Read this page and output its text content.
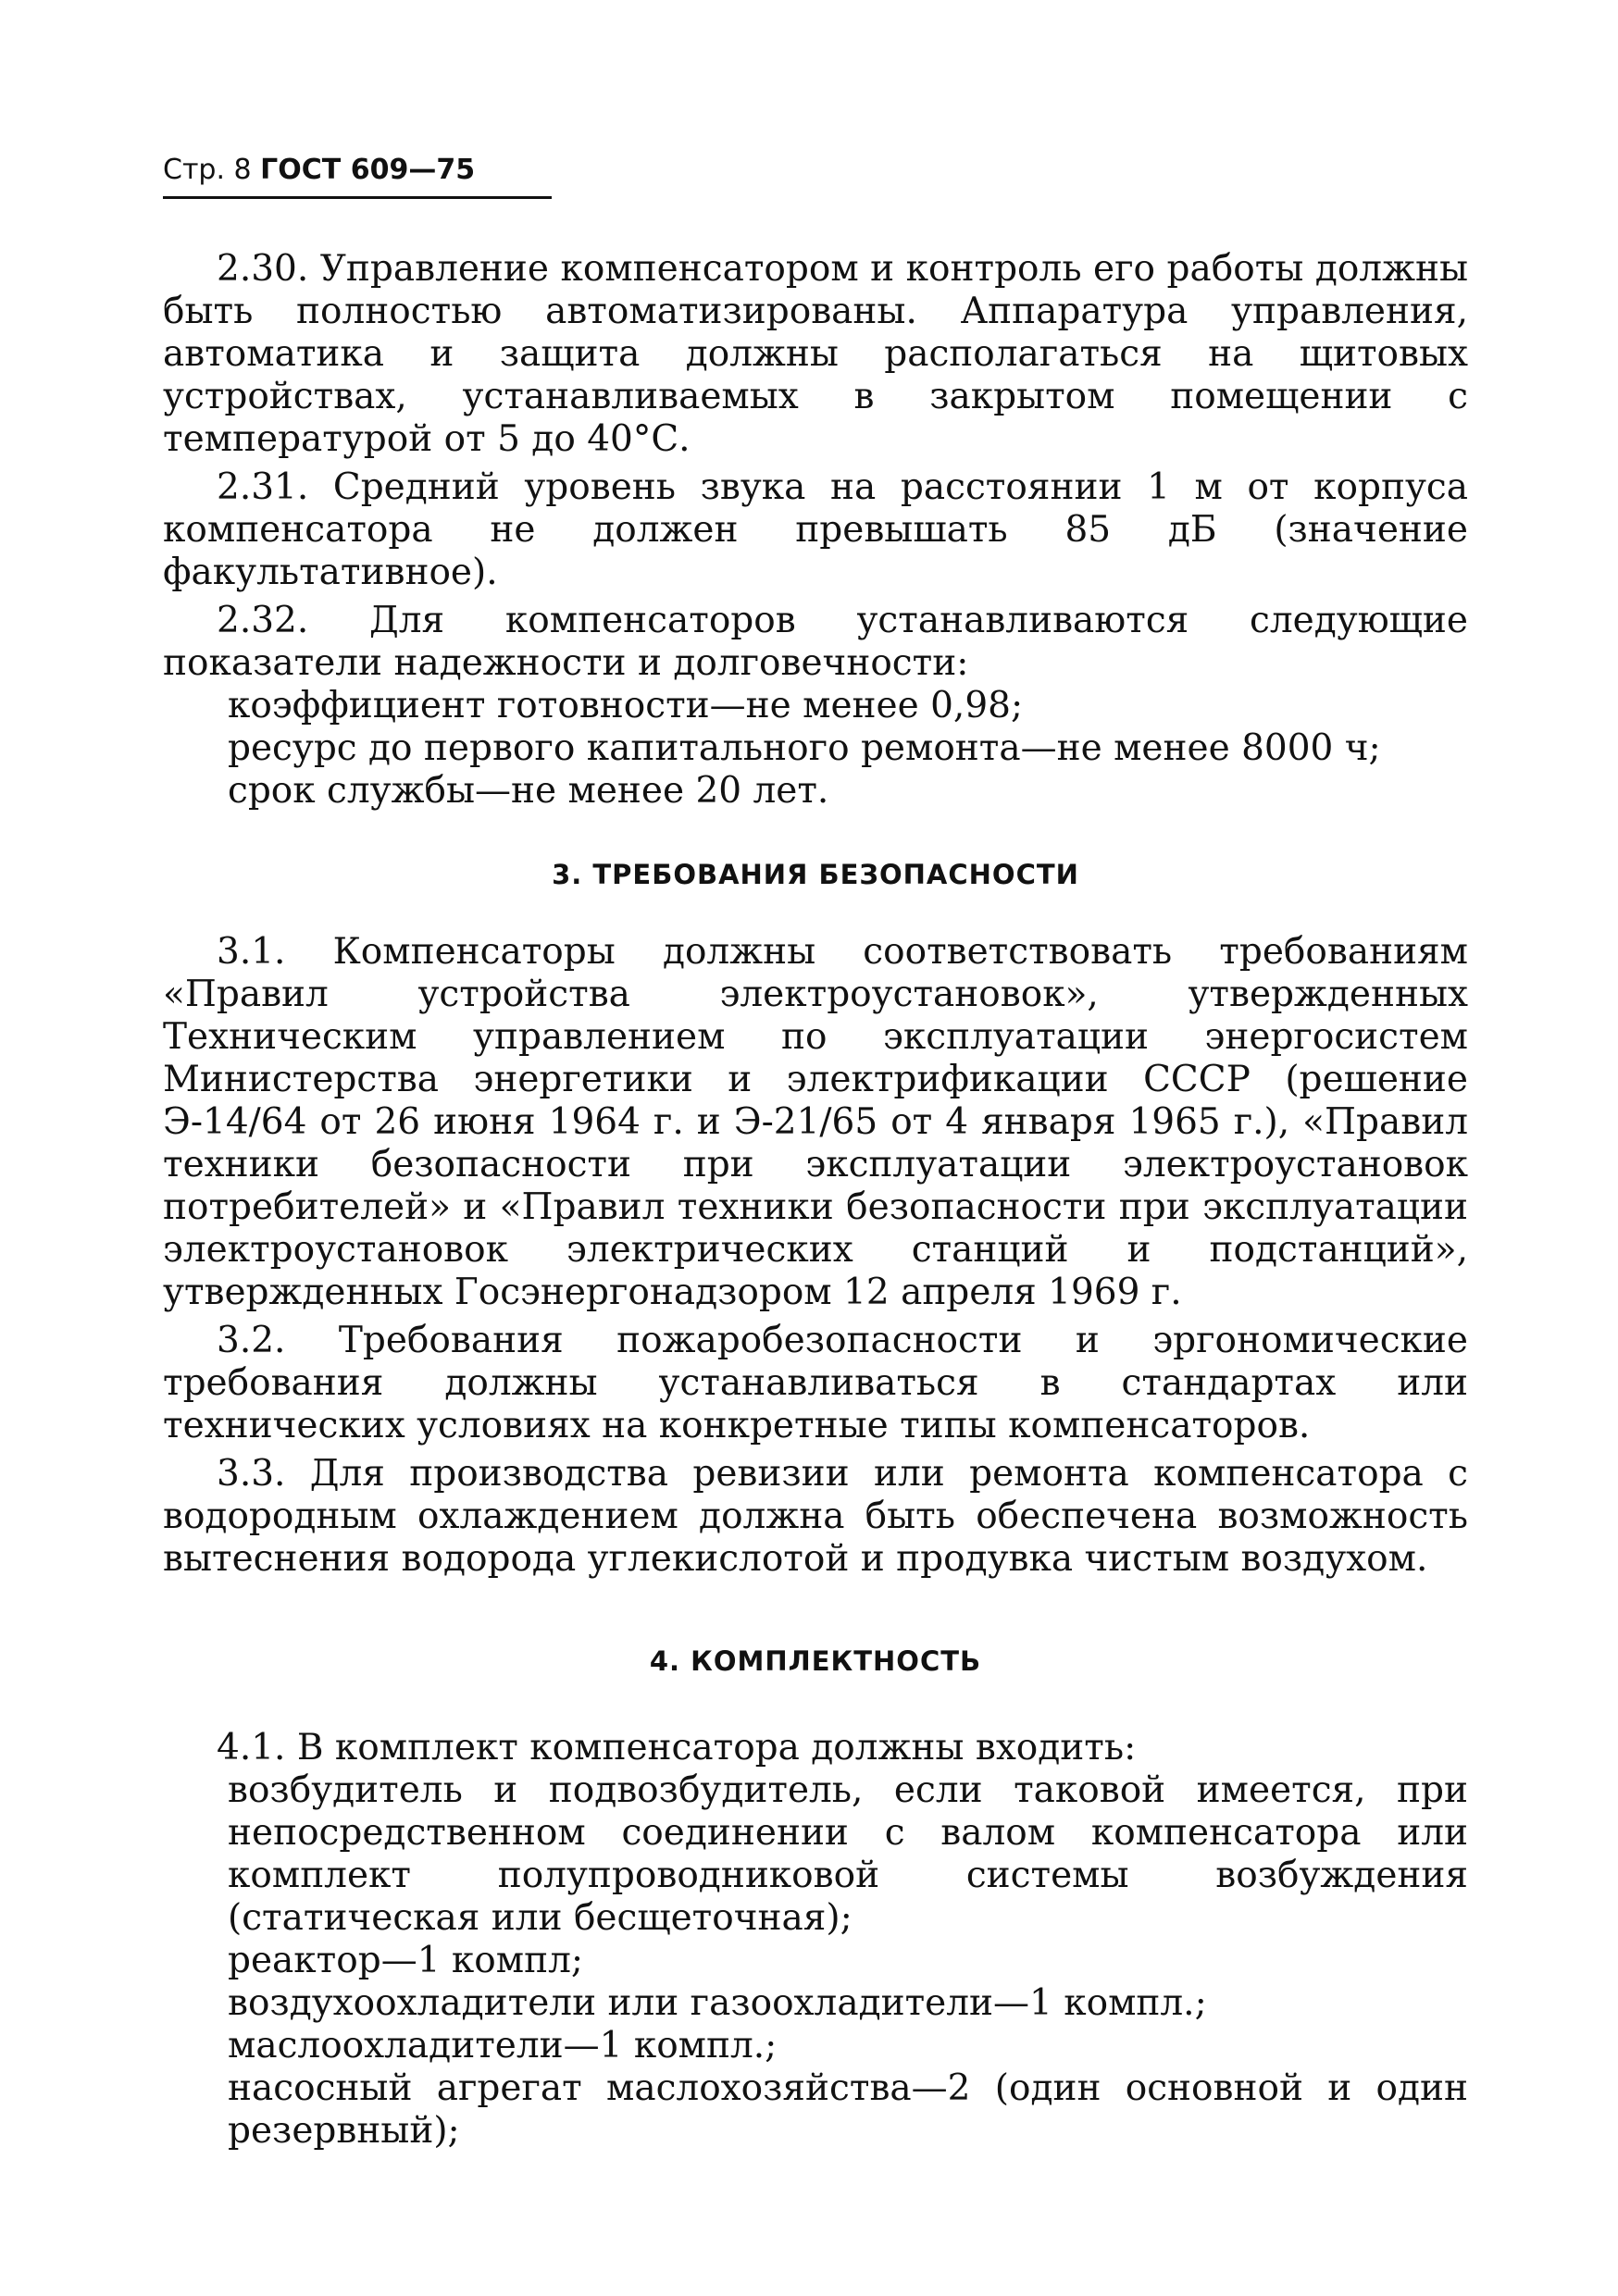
Стр. 8 ГОСТ 609—75

2.30. Управление компенсатором и контроль его работы должны быть полностью автоматизированы. Аппаратура управления, автоматика и защита должны располагаться на щитовых устройствах, устанавливаемых в закрытом помещении с температурой от 5 до 40°С.

2.31. Средний уровень звука на расстоянии 1 м от корпуса компенсатора не должен превышать 85 дБ (значение факультативное).

2.32. Для компенсаторов устанавливаются следующие показатели надежности и долговечности:

коэффициент готовности—не менее 0,98;

ресурс до первого капитального ремонта—не менее 8000 ч;

срок службы—не менее 20 лет.

3. ТРЕБОВАНИЯ БЕЗОПАСНОСТИ

3.1. Компенсаторы должны соответствовать требованиям «Правил устройства электроустановок», утвержденных Техническим управлением по эксплуатации энергосистем Министерства энергетики и электрификации СССР (решение Э-14/64 от 26 июня 1964 г. и Э-21/65 от 4 января 1965 г.), «Правил техники безопасности при эксплуатации электроустановок потребителей» и «Правил техники безопасности при эксплуатации электроустановок электрических станций и подстанций», утвержденных Госэнергонадзором 12 апреля 1969 г.

3.2. Требования пожаробезопасности и эргономические требования должны устанавливаться в стандартах или технических условиях на конкретные типы компенсаторов.

3.3. Для производства ревизии или ремонта компенсатора с водородным охлаждением должна быть обеспечена возможность вытеснения водорода углекислотой и продувка чистым воздухом.

4. КОМПЛЕКТНОСТЬ

4.1. В комплект компенсатора должны входить:

возбудитель и подвозбудитель, если таковой имеется, при непосредственном соединении с валом компенсатора или комплект полупроводниковой системы возбуждения (статическая или бесщеточная);

реактор—1 компл;

воздухоохладители или газоохладители—1 компл.;

маслоохладители—1 компл.;

насосный агрегат маслохозяйства—2 (один основной и один резервный);
